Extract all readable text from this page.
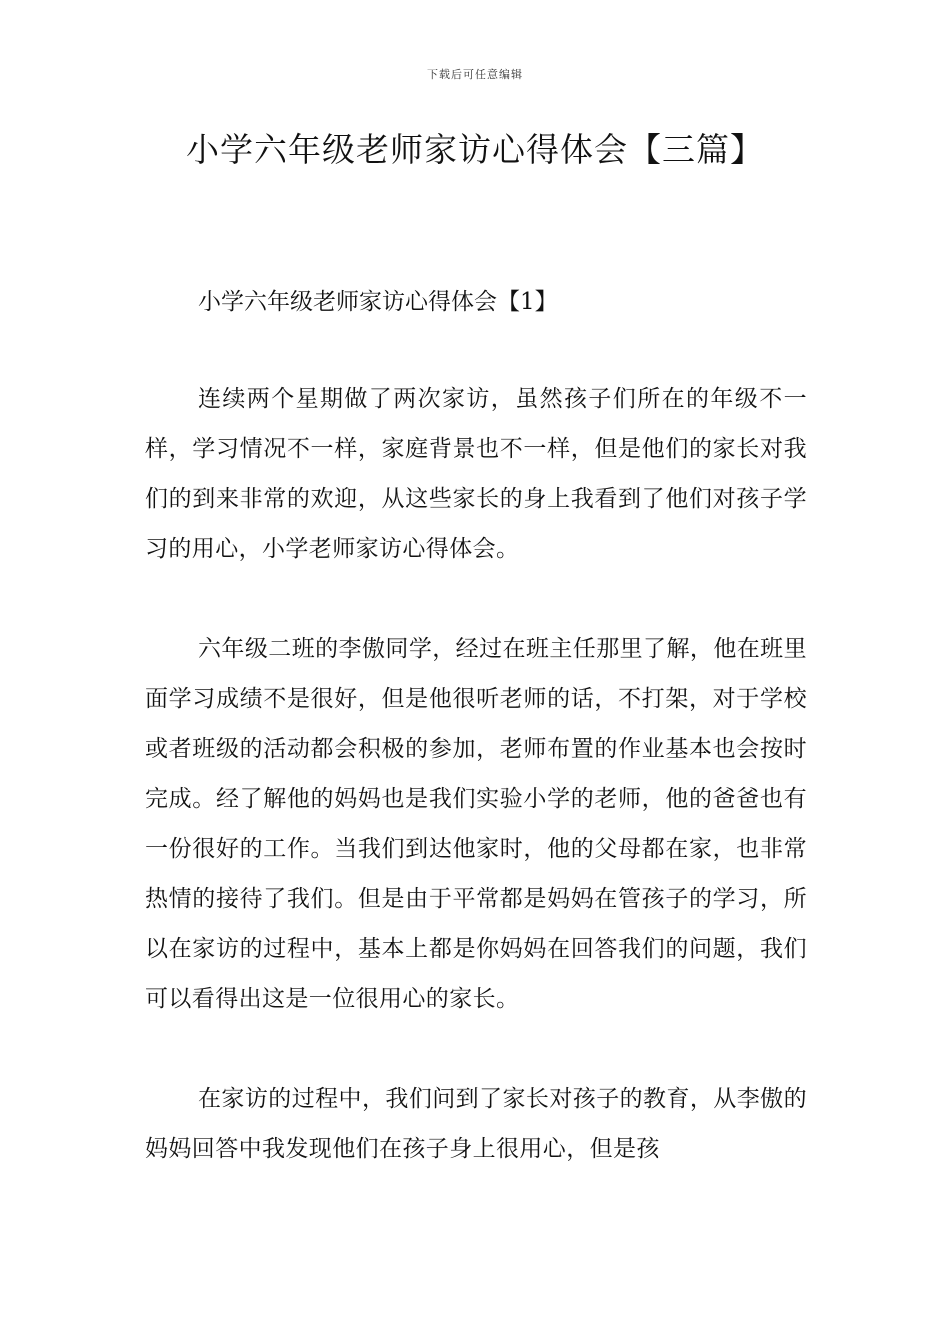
下载后可任意编辑
小学六年级老师家访心得体会【三篇】

小学六年级老师家访心得体会【1】

连续两个星期做了两次家访，虽然孩子们所在的年级不一样，学习情况不一样，家庭背景也不一样，但是他们的家长对我们的到来非常的欢迎，从这些家长的身上我看到了他们对孩子学习的用心，小学老师家访心得体会。

六年级二班的李傲同学，经过在班主任那里了解，他在班里面学习成绩不是很好，但是他很听老师的话，不打架，对于学校或者班级的活动都会积极的参加，老师布置的作业基本也会按时完成。经了解他的妈妈也是我们实验小学的老师，他的爸爸也有一份很好的工作。当我们到达他家时，他的父母都在家，也非常热情的接待了我们。但是由于平常都是妈妈在管孩子的学习，所以在家访的过程中，基本上都是你妈妈在回答我们的问题，我们可以看得出这是一位很用心的家长。

在家访的过程中，我们问到了家长对孩子的教育，从李傲的妈妈回答中我发现他们在孩子身上很用心，但是孩
